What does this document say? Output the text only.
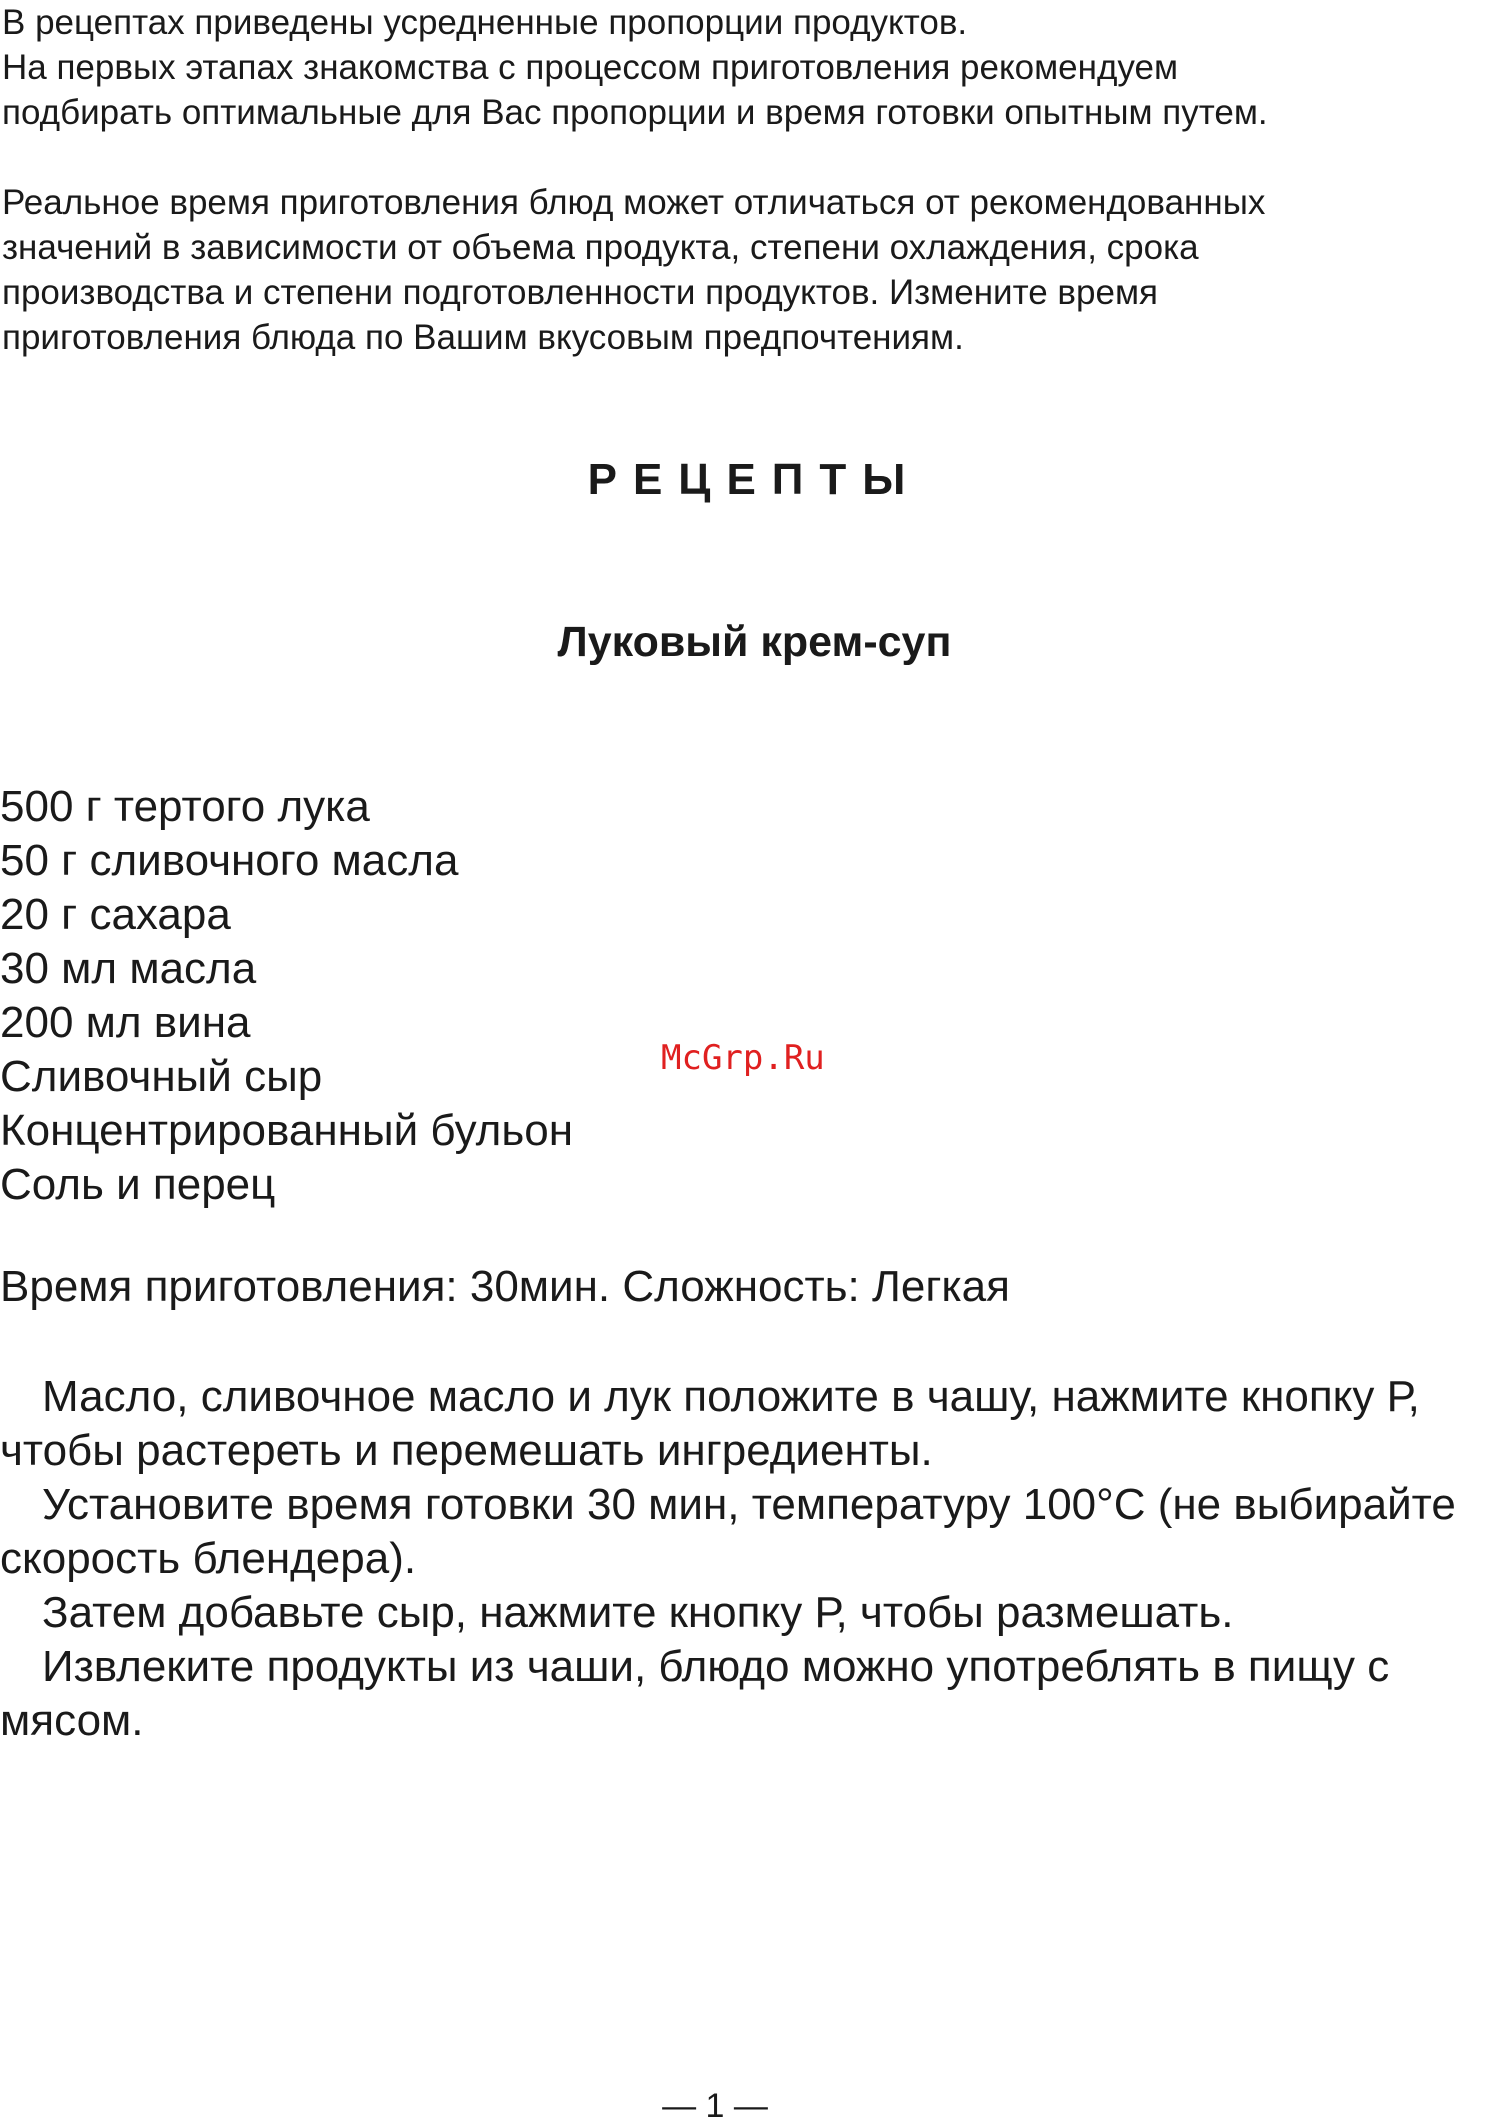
В рецептах приведены усредненные пропорции продуктов.

На первых этапах знакомства с процессом приготовления рекомендуем

подбирать оптимальные для Вас пропорции и время готовки опытным путем.

Реальное время приготовления блюд может отличаться от рекомендованных

значений в зависимости от объема продукта, степени охлаждения, срока

производства и степени подготовленности продуктов. Измените время

приготовления блюда по Вашим вкусовым предпочтениям.

РЕЦЕПТЫ
Луковый крем-суп
500 г тертого лука
50 г сливочного масла
20 г сахара
30 мл масла
200 мл вина
Сливочный сыр
Концентрированный бульон
Соль и перец
Время приготовления: 30мин. Сложность: Легкая

Масло, сливочное масло и лук положите в чашу, нажмите кнопку Р, чтобы растереть и перемешать ингредиенты.

Установите время готовки 30 мин, температуру 100°С (не выбирайте скорость блендера).

Затем добавьте сыр, нажмите кнопку Р, чтобы размешать.

Извлеките продукты из чаши, блюдо можно употреблять в пищу с мясом.

McGrp.Ru
— 1 —
